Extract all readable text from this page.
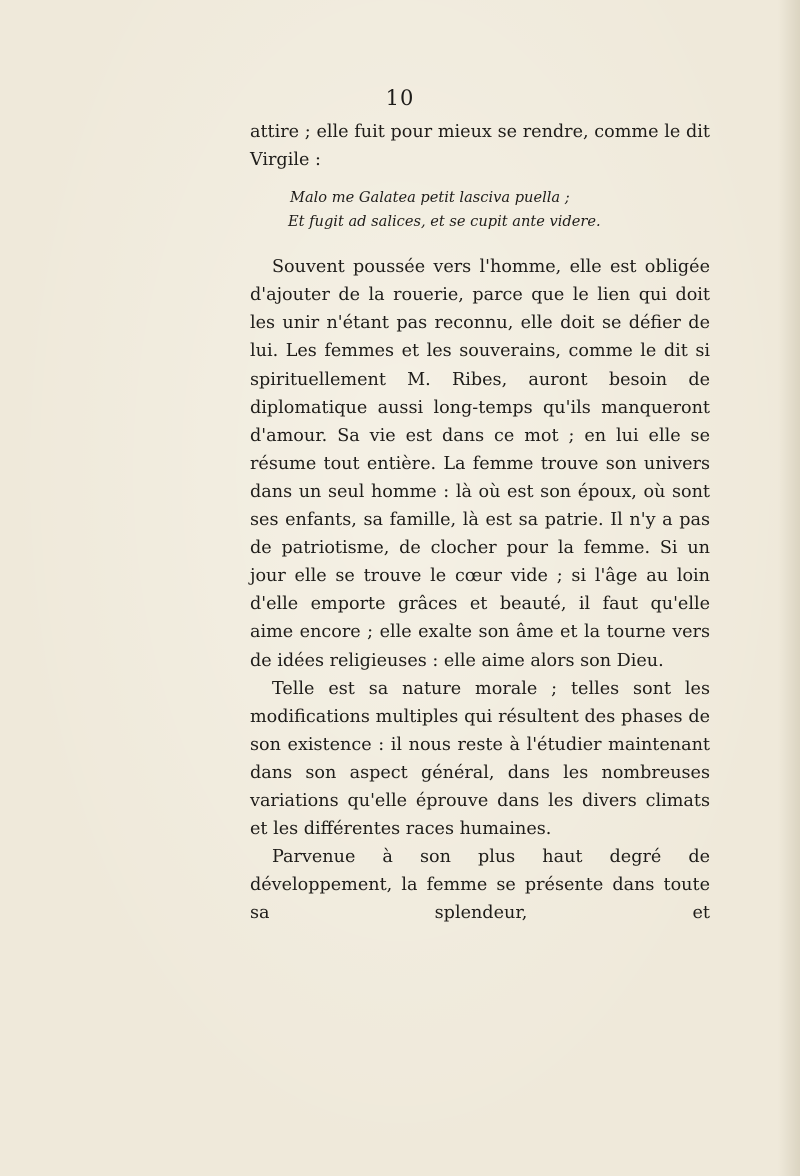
10

attire ; elle fuit pour mieux se rendre, comme le dit Virgile :

Malo me Galatea petit lasciva puella ;
Et fugit ad salices, et se cupit ante videre.

Souvent poussée vers l'homme, elle est obligée d'ajouter de la rouerie, parce que le lien qui doit les unir n'étant pas reconnu, elle doit se défier de lui. Les femmes et les souverains, comme le dit si spirituellement M. Ribes, auront besoin de diplomatique aussi long-temps qu'ils manqueront d'amour. Sa vie est dans ce mot ; en lui elle se résume tout entière. La femme trouve son univers dans un seul homme : là où est son époux, où sont ses enfants, sa famille, là est sa patrie. Il n'y a pas de patriotisme, de clocher pour la femme. Si un jour elle se trouve le cœur vide ; si l'âge au loin d'elle emporte grâces et beauté, il faut qu'elle aime encore ; elle exalte son âme et la tourne vers de idées religieuses : elle aime alors son Dieu.

Telle est sa nature morale ; telles sont les modifications multiples qui résultent des phases de son existence : il nous reste à l'étudier maintenant dans son aspect général, dans les nombreuses variations qu'elle éprouve dans les divers climats et les différentes races humaines.

Parvenue à son plus haut degré de développement, la femme se présente dans toute sa splendeur, et
